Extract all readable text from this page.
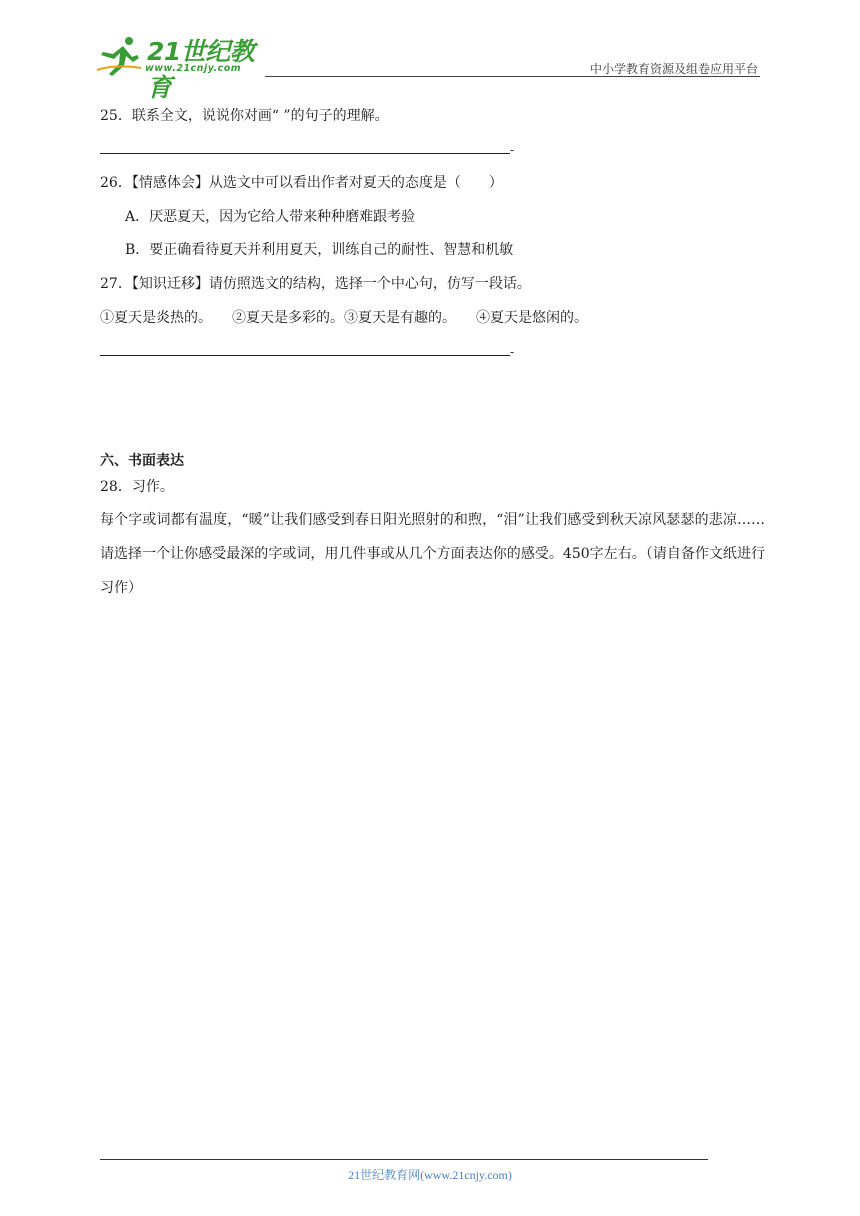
21世纪教育
www.21cnjy.com	中小学教育资源及组卷应用平台
25．联系全文，说说你对画“ ”的句子的理解。
-
26．【情感体会】从选文中可以看出作者对夏天的态度是（　　）
A．厌恶夏天，因为它给人带来种种磨难跟考验
B．要正确看待夏天并利用夏天，训练自己的耐性、智慧和机敏
27．【知识迁移】请仿照选文的结构，选择一个中心句，仿写一段话。
①夏天是炎热的。 ②夏天是多彩的。③夏天是有趣的。 ④夏天是悠闲的。
-
六、书面表达
28．习作。
每个字或词都有温度，“暖”让我们感受到春日阳光照射的和煦，“泪”让我们感受到秋天凉风瑟瑟的悲凉……请选择一个让你感受最深的字或词，用几件事或从几个方面表达你的感受。450字左右。（请自备作文纸进行习作）
21世纪教育网(www.21cnjy.com)
